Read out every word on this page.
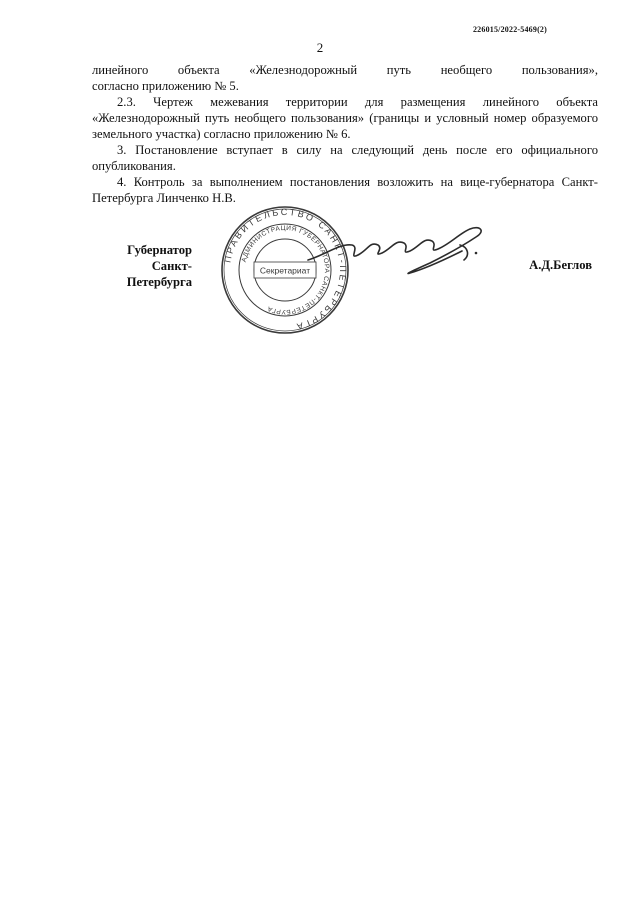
226015/2022-5469(2)
2

линейного объекта «Железнодорожный путь необщего пользования»,

согласно приложению № 5.

2.3. Чертеж межевания территории для размещения линейного объекта «Железнодорожный путь необщего пользования» (границы и условный номер образуемого земельного участка) согласно приложению № 6.

3. Постановление вступает в силу на следующий день после его официального опубликования.

4. Контроль за выполнением постановления возложить на вице-губернатора Санкт-Петербурга Линченко Н.В.

Губернатор
Санкт-Петербурга
ПРАВИТЕЛЬСТВО САНКТ-ПЕТЕРБУРГА
АДМИНИСТРАЦИЯ ГУБЕРНАТОРА САНКТ-ПЕТЕРБУРГА
Секретариат	А.Д.Беглов
